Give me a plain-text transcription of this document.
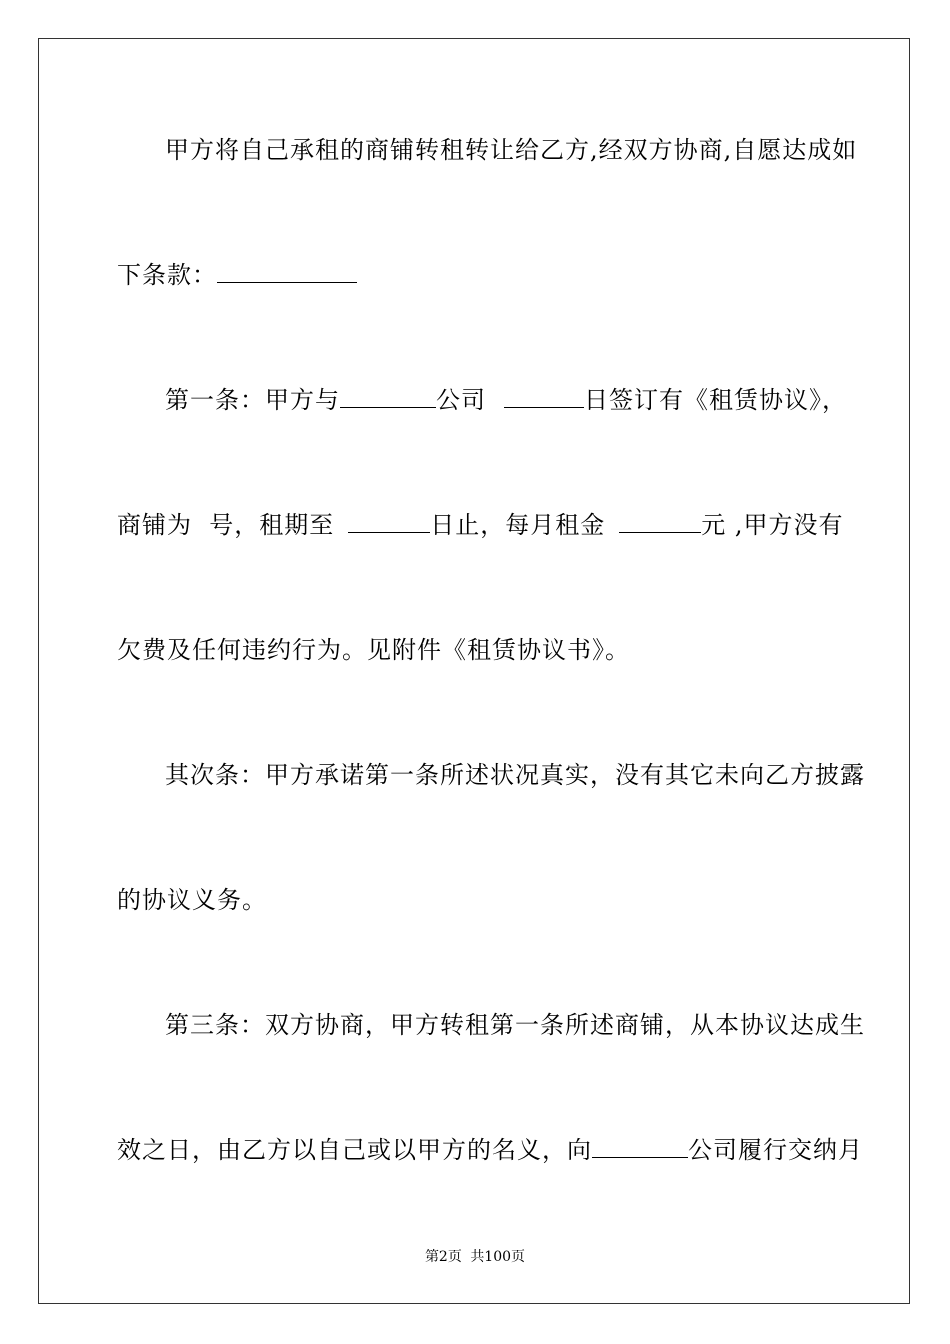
甲方将自己承租的商铺转租转让给乙方,经双方协商,自愿达成如
下条款：
第一条：甲方与	公司	日签订有《租赁协议》，
商铺为  号，租期至	日止，每月租金	元 ,甲方没有
欠费及任何违约行为。见附件《租赁协议书》。
其次条：甲方承诺第一条所述状况真实，没有其它未向乙方披露
的协议义务。
第三条：双方协商，甲方转租第一条所述商铺，从本协议达成生
效之日，由乙方以自己或以甲方的名义，向	公司履行交纳月
第2页 共100页
